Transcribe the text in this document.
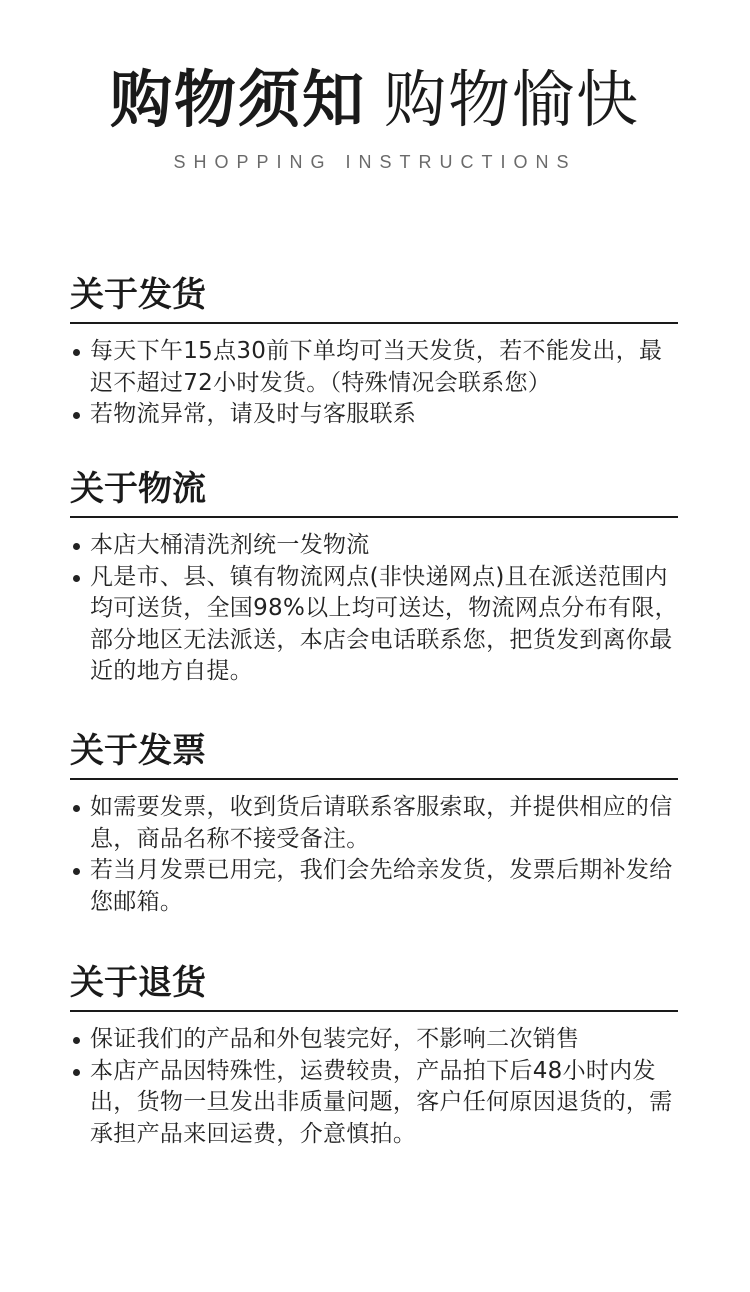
购物须知 购物愉快
SHOPPING INSTRUCTIONS
关于发货
每天下午15点30前下单均可当天发货，若不能发出，最迟不超过72小时发货。（特殊情况会联系您）
若物流异常，请及时与客服联系
关于物流
本店大桶清洗剂统一发物流
凡是市、县、镇有物流网点(非快递网点)且在派送范围内均可送货，全国98%以上均可送达，物流网点分布有限，部分地区无法派送，本店会电话联系您，把货发到离你最近的地方自提。
关于发票
如需要发票，收到货后请联系客服索取，并提供相应的信息，商品名称不接受备注。
若当月发票已用完，我们会先给亲发货，发票后期补发给您邮箱。
关于退货
保证我们的产品和外包装完好，不影响二次销售
本店产品因特殊性，运费较贵，产品拍下后48小时内发出，货物一旦发出非质量问题，客户任何原因退货的，需承担产品来回运费，介意慎拍。
